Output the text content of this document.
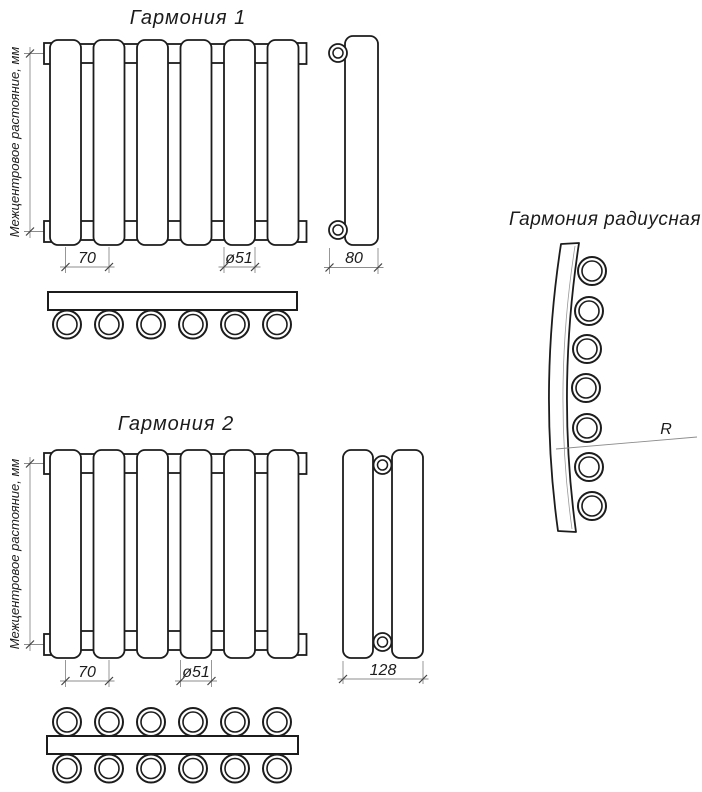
Гармония 1
Межцентровое растояние, мм
70	ø51	80
Гармония 2
Межцентровое растояние, мм
70	ø51	128
Гармония радиусная
R
